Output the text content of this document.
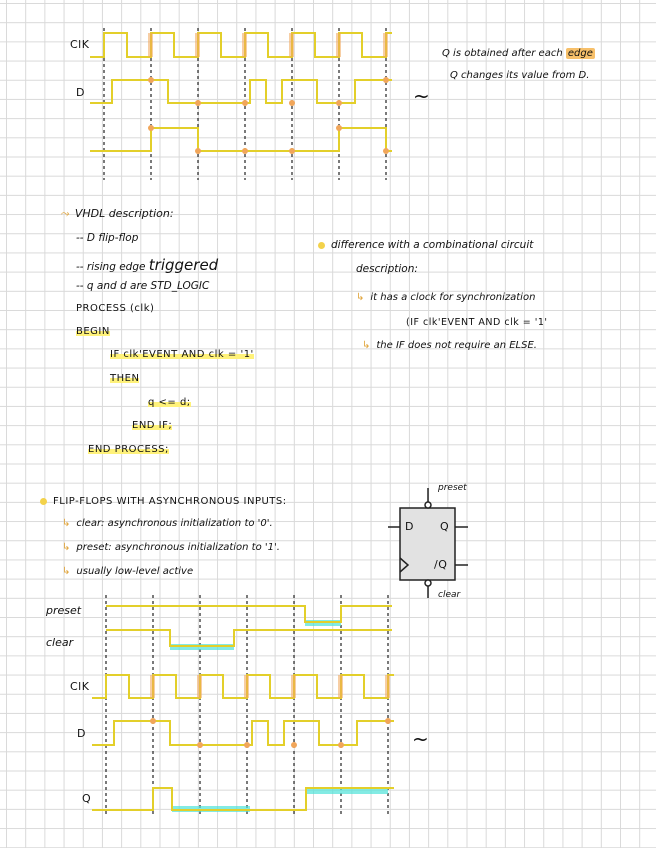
ClK
D	~
Q is obtained after each edge
Q changes its value from D.
⤳ VHDL description:
-- D flip-flop
-- rising edge triggered
-- q and d are STD_LOGIC
PROCESS (clk)
BEGIN
IF clk'EVENT AND clk = '1'
THEN
q <= d;
END IF;
END PROCESS;
difference with a combinational circuit
description:
↳ it has a clock for synchronization
(IF clk'EVENT AND clk = '1'
↳ the IF does not require an ELSE.
FLIP-FLOPS WITH ASYNCHRONOUS INPUTS:
↳ clear: asynchronous initialization to '0'.
↳ preset: asynchronous initialization to '1'.
↳ usually low-level active
preset
D Q
/Q
clear
preset
clear
ClK
D
Q
~
